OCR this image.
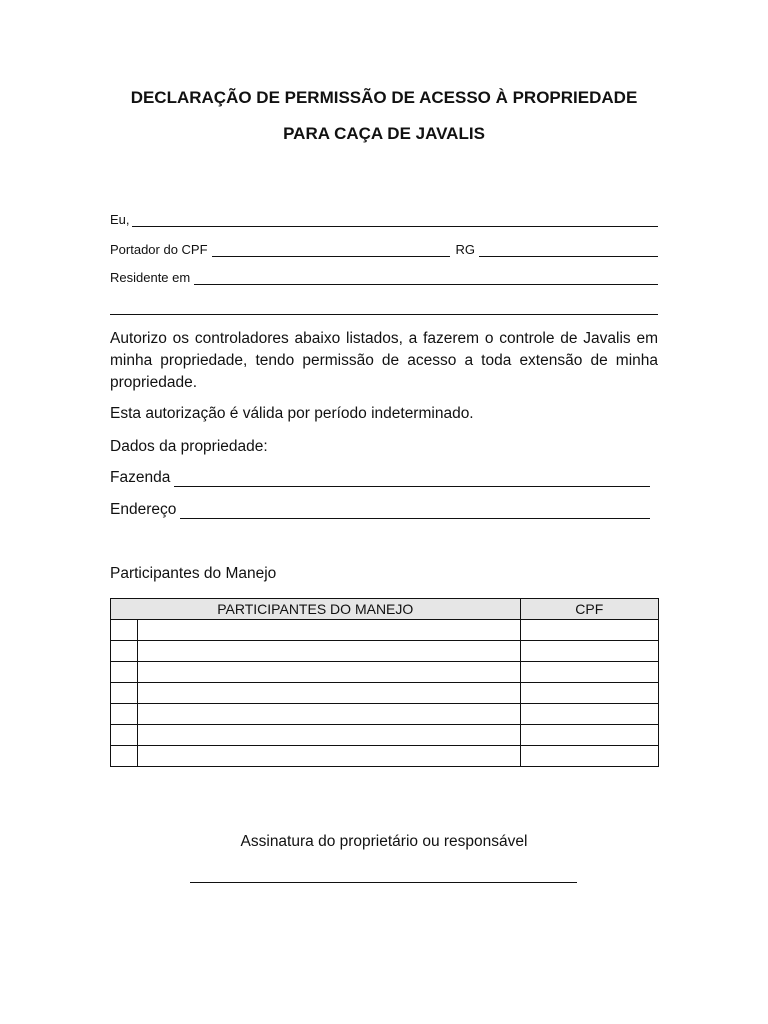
DECLARAÇÃO DE PERMISSÃO DE ACESSO À PROPRIEDADE
PARA CAÇA DE JAVALIS
Eu,
Portador do CPF	RG
Residente em
Autorizo os controladores abaixo listados, a fazerem o controle de Javalis em minha propriedade, tendo permissão de acesso a toda extensão de minha propriedade.
Esta autorização é válida por período indeterminado.
Dados da propriedade:
Fazenda
Endereço
Participantes do Manejo
PARTICIPANTES DO MANEJO		CPF

Assinatura do proprietário ou responsável
